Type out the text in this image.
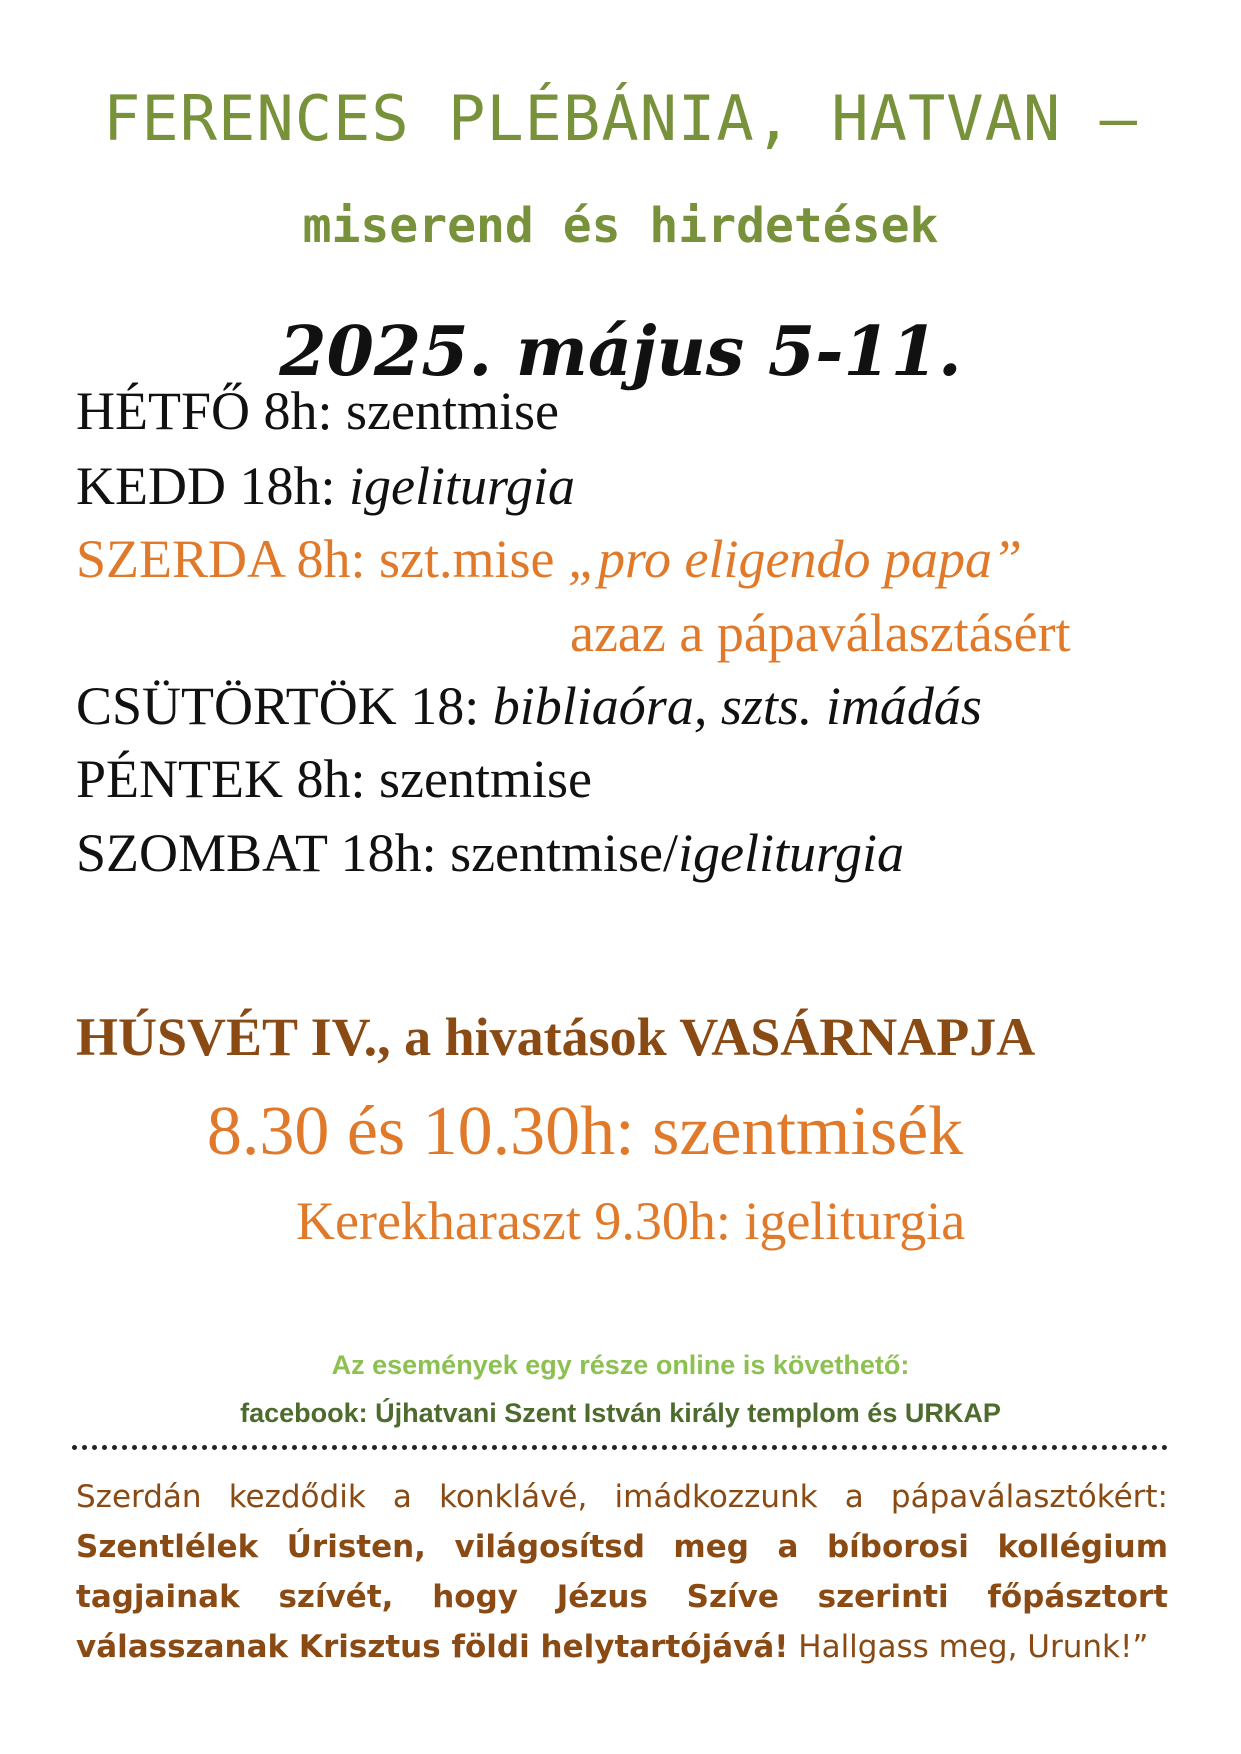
FERENCES PLÉBÁNIA, HATVAN –
miserend és hirdetések
2025. május 5-11.
HÉTFŐ 8h: szentmise
KEDD 18h: igeliturgia
SZERDA 8h: szt.mise „pro eligendo papa”
azaz a pápaválasztásért
CSÜTÖRTÖK 18: bibliaóra, szts. imádás
PÉNTEK 8h: szentmise
SZOMBAT 18h: szentmise/igeliturgia
HÚSVÉT IV., a hivatások VASÁRNAPJA
8.30 és 10.30h: szentmisék
Kerekharaszt 9.30h: igeliturgia
Az események egy része online is követhető:
facebook: Újhatvani Szent István király templom és URKAP
Szerdán kezdődik a konklávé, imádkozzunk a pápaválasztókért: Szentlélek Úristen, világosítsd meg a bíborosi kollégium tagjainak szívét, hogy Jézus Szíve szerinti főpásztort válasszanak Krisztus földi helytartójává! Hallgass meg, Urunk!”
